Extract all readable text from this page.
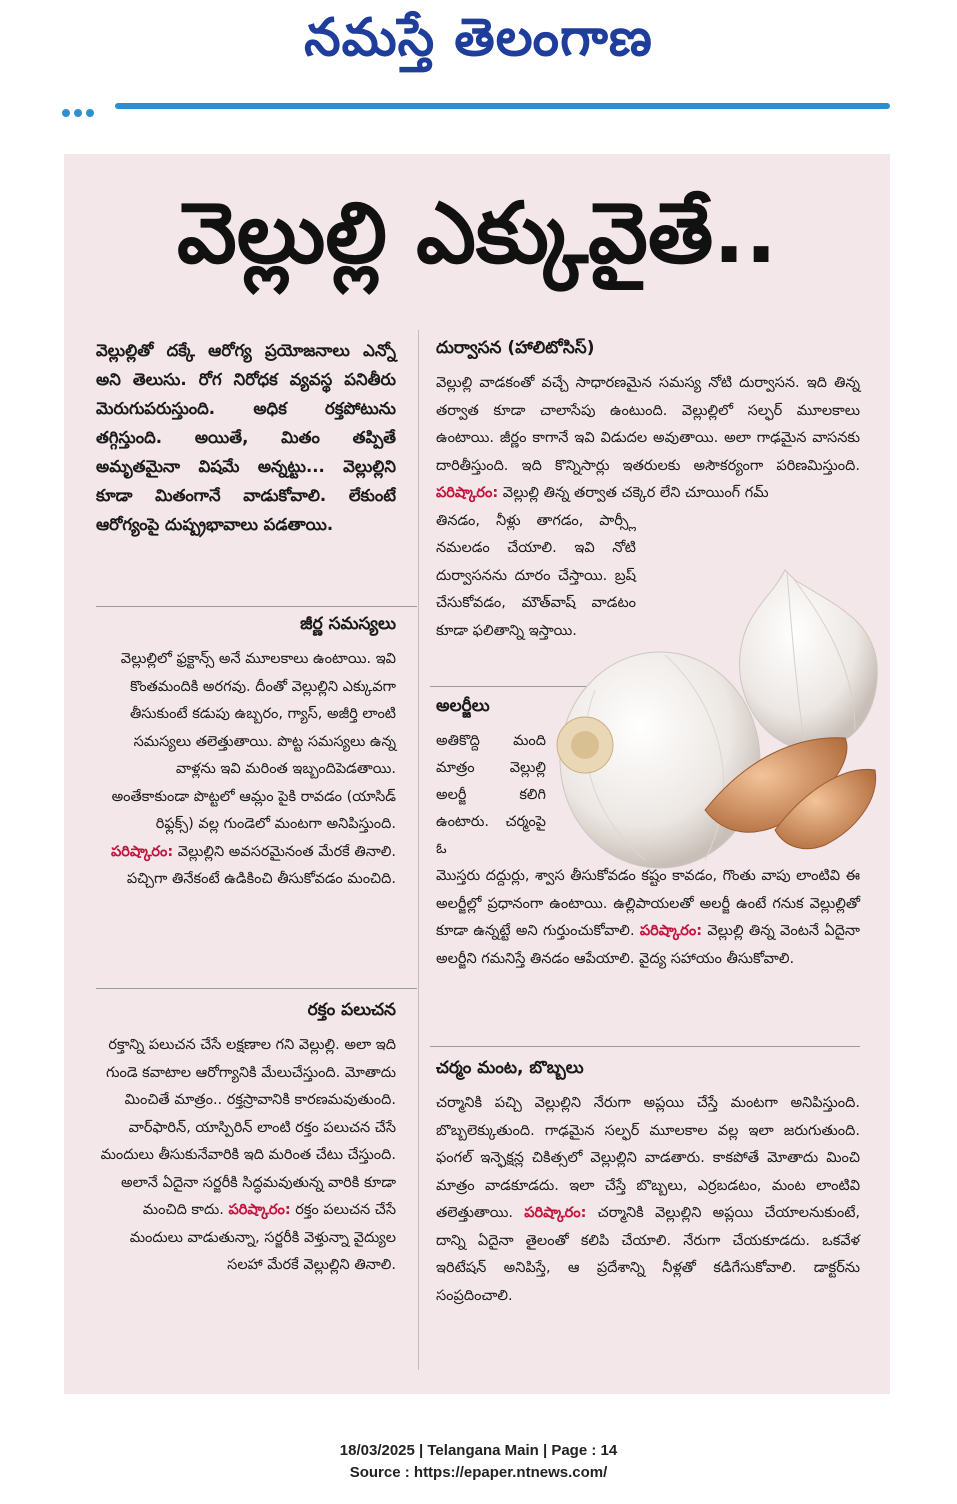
నమస్తే తెలంగాణ
వెల్లుల్లి ఎక్కువైతే..
వెల్లుల్లితో దక్కే ఆరోగ్య ప్రయోజనాలు ఎన్నో అని తెలుసు. రోగ నిరోధక వ్యవస్థ పనితీరు మెరుగుపరుస్తుంది. అధిక రక్తపోటును తగ్గిస్తుంది. అయితే, మితం తప్పితే అమృతమైనా విషమే అన్నట్టు... వెల్లుల్లిని కూడా మితంగానే వాడుకోవాలి. లేకుంటే ఆరోగ్యంపై దుష్ప్రభావాలు పడతాయి.
జీర్ణ సమస్యలు
వెల్లుల్లిలో ఫ్రక్టాన్స్ అనే మూలకాలు ఉంటాయి. ఇవి కొంతమందికి అరగవు. దీంతో వెల్లుల్లిని ఎక్కువగా తీసుకుంటే కడుపు ఉబ్బరం, గ్యాస్, అజీర్తి లాంటి సమస్యలు తలెత్తుతాయి. పొట్ట సమస్యలు ఉన్న వాళ్లను ఇవి మరింత ఇబ్బందిపెడతాయి. అంతేకాకుండా పొట్టలో ఆమ్లం పైకి రావడం (యాసిడ్ రిఫ్లక్స్) వల్ల గుండెలో మంటగా అనిపిస్తుంది. పరిష్కారం: వెల్లుల్లిని అవసరమైనంత మేరకే తినాలి. పచ్చిగా తినేకంటే ఉడికించి తీసుకోవడం మంచిది.
రక్తం పలుచన
రక్తాన్ని పలుచన చేసే లక్షణాల గని వెల్లుల్లి. అలా ఇది గుండె కవాటాల ఆరోగ్యానికి మేలుచేస్తుంది. మోతాదు మించితే మాత్రం.. రక్తస్రావానికి కారణమవుతుంది. వార్‌ఫారిన్, యాస్పిరిన్ లాంటి రక్తం పలుచన చేసే మందులు తీసుకునేవారికి ఇది మరింత చేటు చేస్తుంది. అలానే ఏదైనా సర్జరీకి సిద్ధమవుతున్న వారికి కూడా మంచిది కాదు. పరిష్కారం: రక్తం పలుచన చేసే మందులు వాడుతున్నా, సర్జరీకి వెళ్తున్నా వైద్యుల సలహా మేరకే వెల్లుల్లిని తినాలి.
దుర్వాసన (హాలిటోసిస్)
వెల్లుల్లి వాడకంతో వచ్చే సాధారణమైన సమస్య నోటి దుర్వాసన. ఇది తిన్న తర్వాత కూడా చాలాసేపు ఉంటుంది. వెల్లుల్లిలో సల్ఫర్ మూలకాలు ఉంటాయి. జీర్ణం కాగానే ఇవి విడుదల అవుతాయి. అలా గాఢమైన వాసనకు దారితీస్తుంది. ఇది కొన్నిసార్లు ఇతరులకు అసౌకర్యంగా పరిణమిస్తుంది. పరిష్కారం: వెల్లుల్లి తిన్న తర్వాత చక్కెర లేని చూయింగ్ గమ్
తినడం, నీళ్లు తాగడం, పార్స్లీ నమలడం చేయాలి. ఇవి నోటి దుర్వాసనను దూరం చేస్తాయి. బ్రష్ చేసుకోవడం, మౌత్‌వాష్ వాడటం కూడా ఫలితాన్ని ఇస్తాయి.
అలర్జీలు
అతికొద్ది మంది మాత్రం వెల్లుల్లి అలర్జీ కలిగి ఉంటారు. చర్మంపై ఓ
మొస్తరు దద్దుర్లు, శ్వాస తీసుకోవడం కష్టం కావడం, గొంతు వాపు లాంటివి ఈ అలర్జీల్లో ప్రధానంగా ఉంటాయి. ఉల్లిపాయలతో అలర్జీ ఉంటే గనుక వెల్లుల్లితో కూడా ఉన్నట్టే అని గుర్తుంచుకోవాలి. పరిష్కారం: వెల్లుల్లి తిన్న వెంటనే ఏదైనా అలర్జీని గమనిస్తే తినడం ఆపేయాలి. వైద్య సహాయం తీసుకోవాలి.
చర్మం మంట, బొబ్బలు
చర్మానికి పచ్చి వెల్లుల్లిని నేరుగా అప్లయి చేస్తే మంటగా అనిపిస్తుంది. బొబ్బలెక్కుతుంది. గాఢమైన సల్ఫర్ మూలకాల వల్ల ఇలా జరుగుతుంది. ఫంగల్ ఇన్ఫెక్షన్ల చికిత్సలో వెల్లుల్లిని వాడతారు. కాకపోతే మోతాదు మించి మాత్రం వాడకూడదు. ఇలా చేస్తే బొబ్బలు, ఎర్రబడటం, మంట లాంటివి తలెత్తుతాయి. పరిష్కారం: చర్మానికి వెల్లుల్లిని అప్లయి చేయాలనుకుంటే, దాన్ని ఏదైనా తైలంతో కలిపి చేయాలి. నేరుగా చేయకూడదు. ఒకవేళ ఇరిటేషన్ అనిపిస్తే, ఆ ప్రదేశాన్ని నీళ్లతో కడిగేసుకోవాలి. డాక్టర్‌ను సంప్రదించాలి.
18/03/2025 | Telangana Main | Page : 14
Source : https://epaper.ntnews.com/
